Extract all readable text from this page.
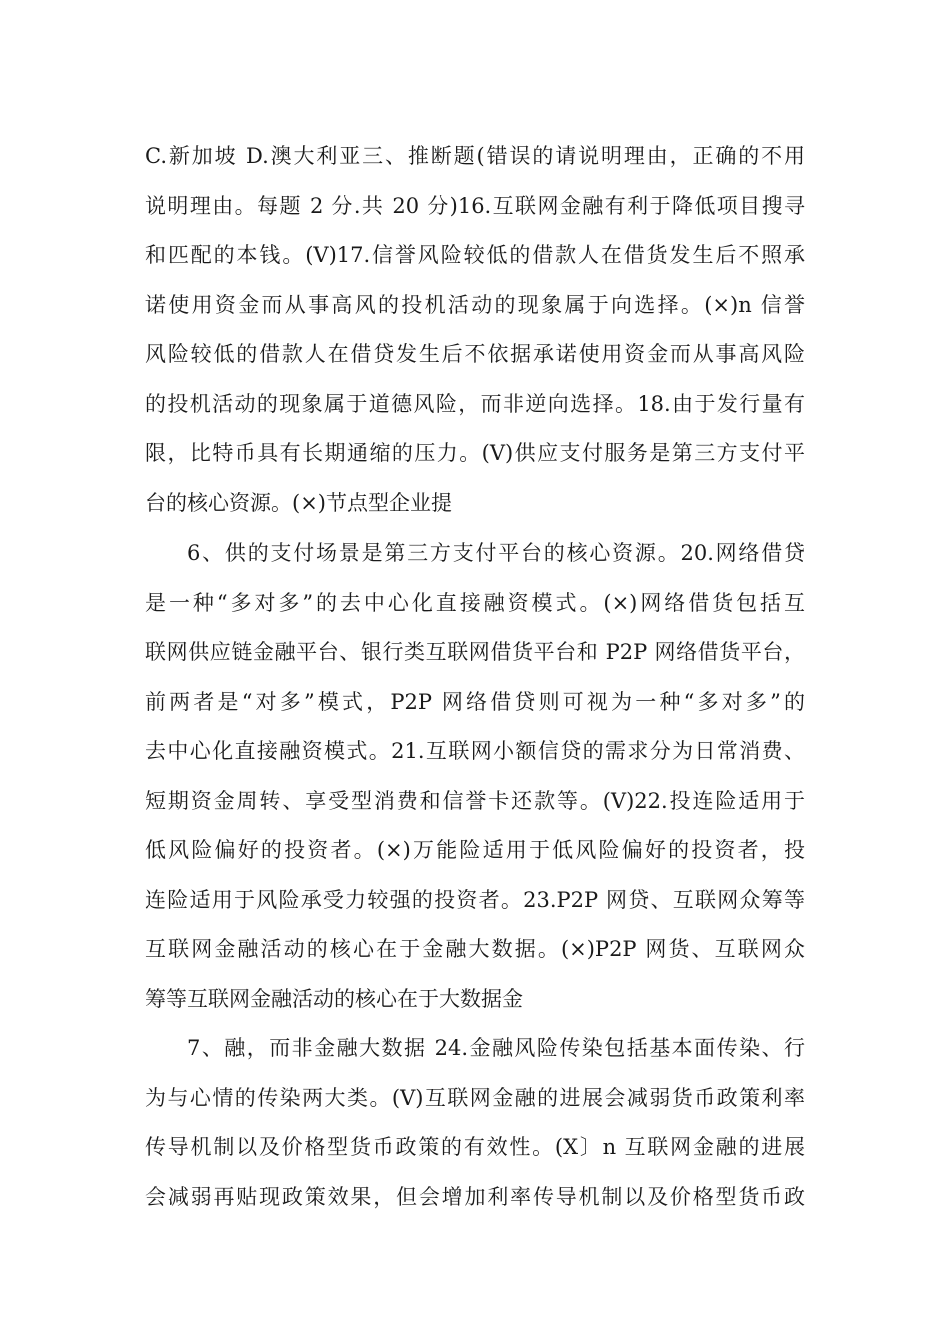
C.新加坡 D.澳大利亚三、推断题(错误的请说明理由，正确的不用
说明理由。每题 2 分.共 20 分)16.互联网金融有利于降低项目搜寻
和匹配的本钱。(V)17.信誉风险较低的借款人在借货发生后不照承
诺使用资金而从事高风的投机活动的现象属于向选择。(×)n 信誉
风险较低的借款人在借贷发生后不依据承诺使用资金而从事高风险
的投机活动的现象属于道德风险，而非逆向选择。18.由于发行量有
限，比特币具有长期通缩的压力。(V)供应支付服务是第三方支付平
台的核心资源。(×)节点型企业提
6、供的支付场景是第三方支付平台的核心资源。20.网络借贷
是一种“多对多”的去中心化直接融资模式。(×)网络借货包括互
联网供应链金融平台、银行类互联网借货平台和 P2P 网络借货平台，
前两者是“对多”模式，P2P 网络借贷则可视为一种“多对多”的
去中心化直接融资模式。21.互联网小额信贷的需求分为日常消费、
短期资金周转、享受型消费和信誉卡还款等。(V)22.投连险适用于
低风险偏好的投资者。(×)万能险适用于低风险偏好的投资者，投
连险适用于风险承受力较强的投资者。23.P2P 网贷、互联网众筹等
互联网金融活动的核心在于金融大数据。(×)P2P 网货、互联网众
筹等互联网金融活动的核心在于大数据金
7、融，而非金融大数据 24.金融风险传染包括基本面传染、行
为与心情的传染两大类。(V)互联网金融的进展会减弱货币政策利率
传导机制以及价格型货币政策的有效性。(X〕n 互联网金融的进展
会减弱再贴现政策效果，但会增加利率传导机制以及价格型货币政
